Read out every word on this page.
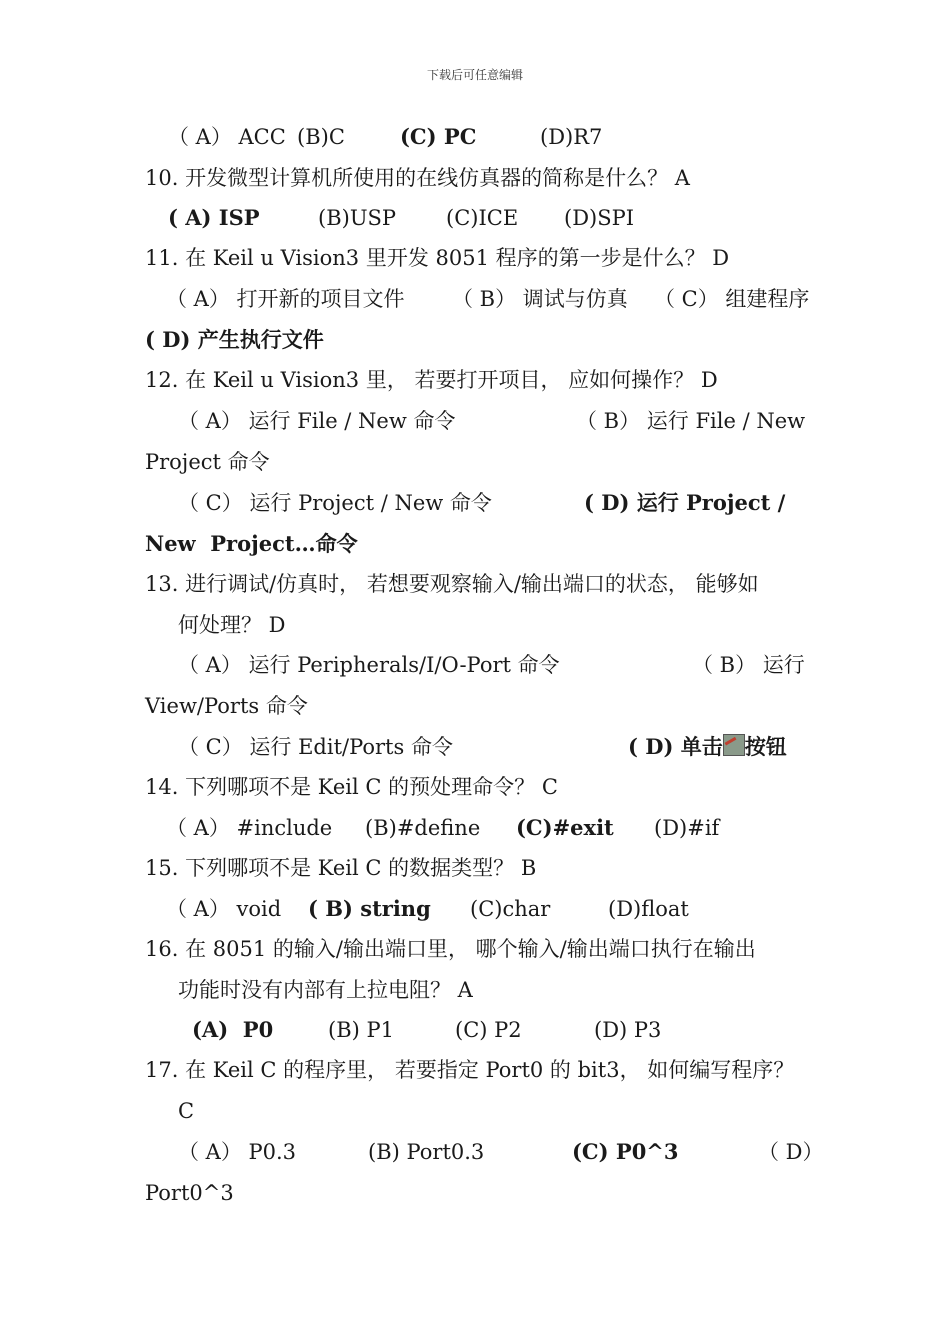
下载后可任意编辑
（ A） ACC (B)C	(C) PC	(D)R7
10. 开发微型计算机所使用的在线仿真器的简称是什么？ A
( A) ISP	(B)USP (C)ICE (D)SPI
11. 在 Keil u Vision3 里开发 8051 程序的第一步是什么？ D
（ A） 打开新的项目文件 （ B） 调试与仿真 （ C） 组建程序
( D) 产生执行文件
12. 在 Keil u Vision3 里， 若要打开项目， 应如何操作？ D
（ A） 运行 File / New 命令	（ B） 运行 File / New
Project 命令
（ C） 运行 Project / New 命令	( D) 运行 Project /
New  Project…命令
13. 进行调试/仿真时， 若想要观察输入/输出端口的状态， 能够如
何处理？ D
（ A） 运行 Peripherals/I/O-Port 命令	（ B） 运行
View/Ports 命令
（ C） 运行 Edit/Ports 命令	( D) 单击 按钮
14. 下列哪项不是 Keil C 的预处理命令？ C
（ A） #include (B)#define (C)#exit (D)#if
15. 下列哪项不是 Keil C 的数据类型？ B
（ A） void ( B) string (C)char	(D)float
16. 在 8051 的输入/输出端口里， 哪个输入/输出端口执行在输出
功能时没有内部有上拉电阻？ A
(A)  P0	(B) P1	(C) P2	(D) P3
17. 在 Keil C 的程序里， 若要指定 Port0 的 bit3， 如何编写程序？
C
（ A） P0.3	(B) Port0.3	(C) P0^3	（ D）
Port0^3
